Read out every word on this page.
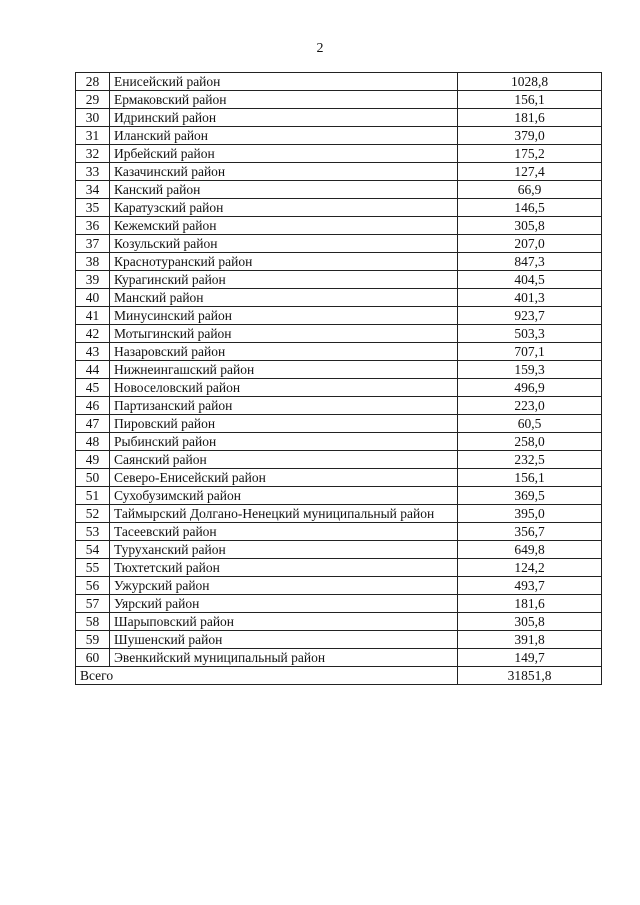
2
28	Енисейский район	1028,8
29	Ермаковский район	156,1
30	Идринский район	181,6
31	Иланский район	379,0
32	Ирбейский район	175,2
33	Казачинский район	127,4
34	Канский район	66,9
35	Каратузский район	146,5
36	Кежемский район	305,8
37	Козульский район	207,0
38	Краснотуранский район	847,3
39	Курагинский район	404,5
40	Манский район	401,3
41	Минусинский район	923,7
42	Мотыгинский район	503,3
43	Назаровский район	707,1
44	Нижнеингашский район	159,3
45	Новоселовский район	496,9
46	Партизанский район	223,0
47	Пировский район	60,5
48	Рыбинский район	258,0
49	Саянский район	232,5
50	Северо-Енисейский район	156,1
51	Сухобузимский район	369,5
52	Таймырский Долгано-Ненецкий муниципальный район	395,0
53	Тасеевский район	356,7
54	Туруханский район	649,8
55	Тюхтетский район	124,2
56	Ужурский район	493,7
57	Уярский район	181,6
58	Шарыповский район	305,8
59	Шушенский район	391,8
60	Эвенкийский муниципальный район	149,7
Всего		31851,8
